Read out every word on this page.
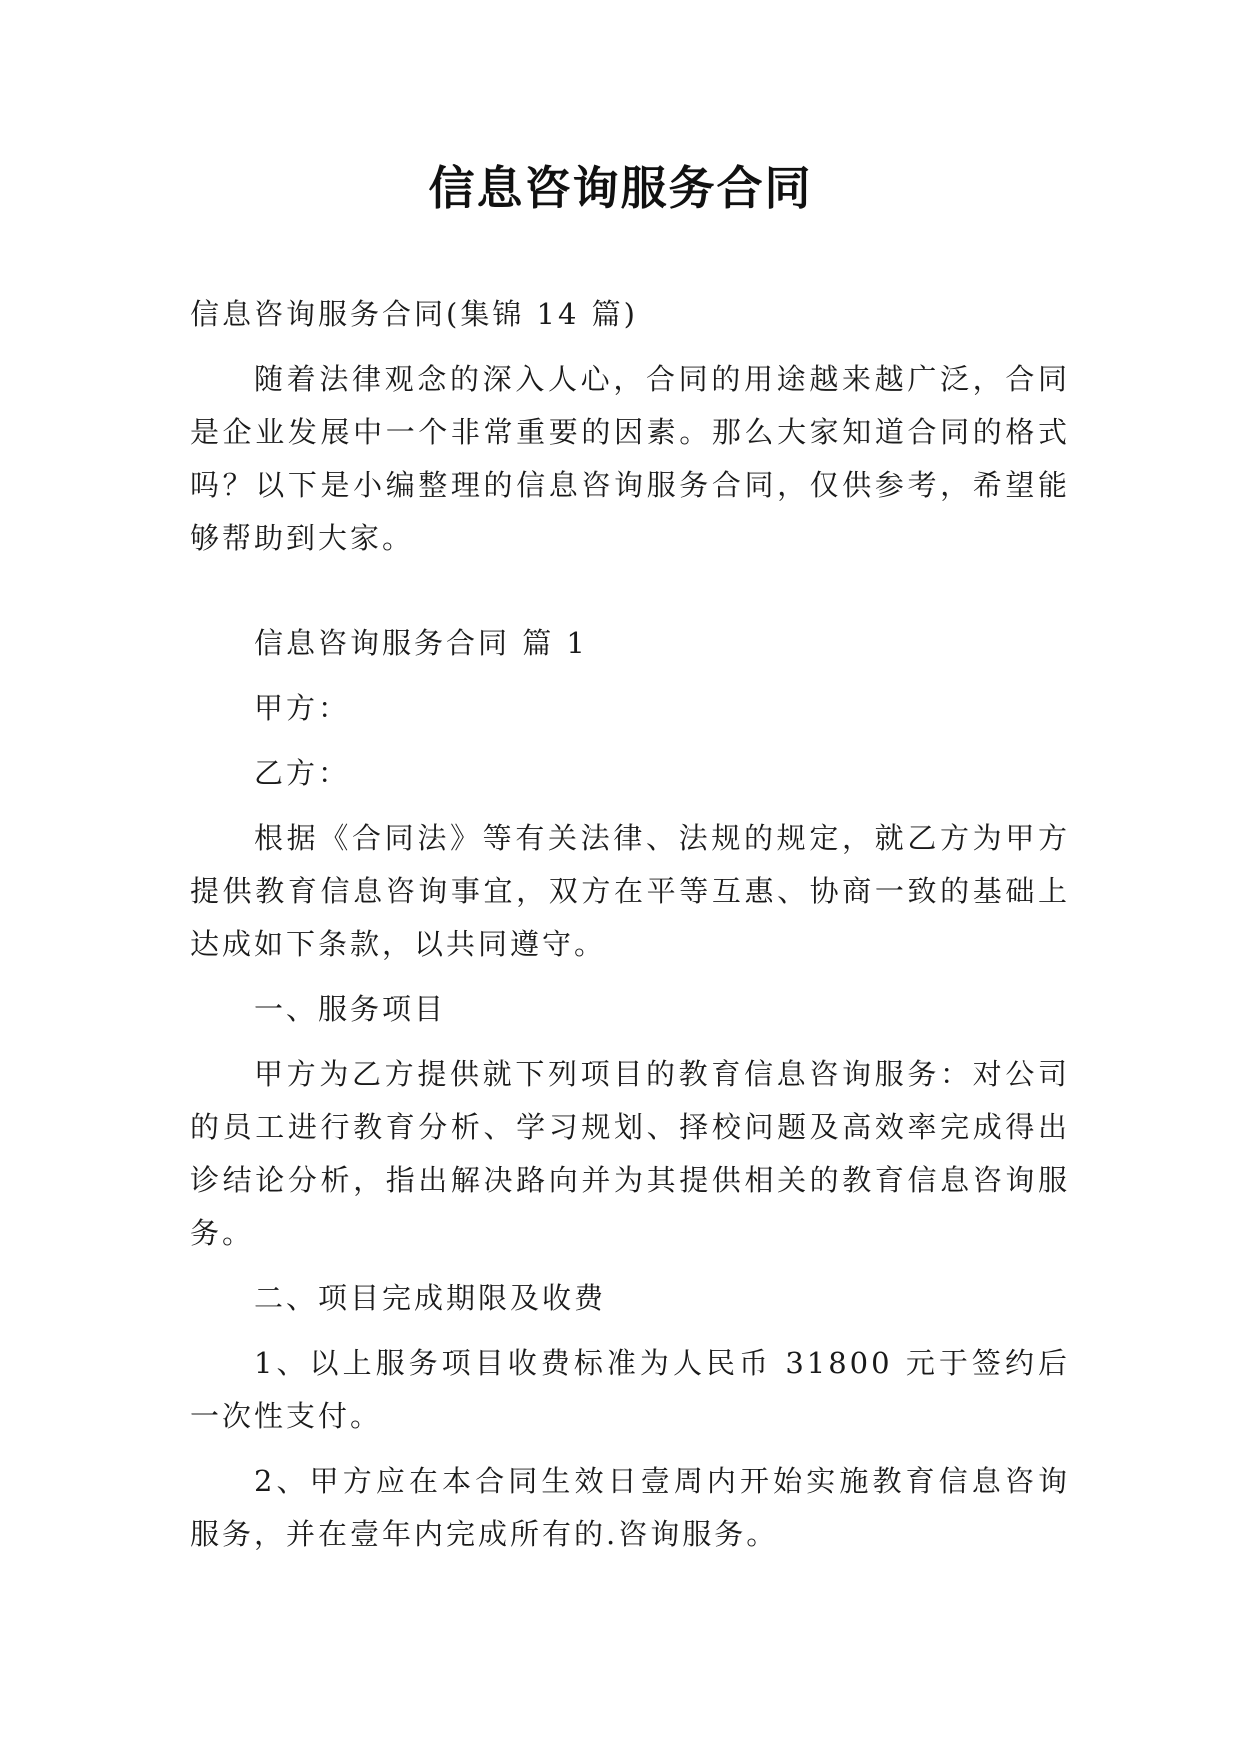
信息咨询服务合同

信息咨询服务合同(集锦 14 篇)

随着法律观念的深入人心，合同的用途越来越广泛，合同是企业发展中一个非常重要的因素。那么大家知道合同的格式吗？以下是小编整理的信息咨询服务合同，仅供参考，希望能够帮助到大家。

信息咨询服务合同 篇 1

甲方：

乙方：

根据《合同法》等有关法律、法规的规定，就乙方为甲方提供教育信息咨询事宜，双方在平等互惠、协商一致的基础上达成如下条款，以共同遵守。

一、服务项目

甲方为乙方提供就下列项目的教育信息咨询服务：对公司的员工进行教育分析、学习规划、择校问题及高效率完成得出诊结论分析，指出解决路向并为其提供相关的教育信息咨询服务。

二、项目完成期限及收费

1、以上服务项目收费标准为人民币 31800 元于签约后一次性支付。

2、甲方应在本合同生效日壹周内开始实施教育信息咨询服务，并在壹年内完成所有的.咨询服务。
